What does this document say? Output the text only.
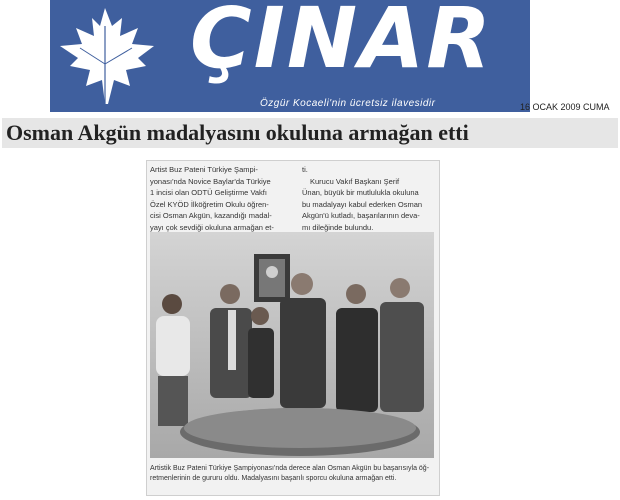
ÇINAR
Özgür Kocaeli'nin ücretsiz ilavesidir	16 OCAK 2009 CUMA
Osman Akgün madalyasını okuluna armağan etti

Artist Buz Pateni Türkiye Şampi-

yonası'nda Novice Baylar'da Türkiye

1 incisi olan ODTÜ Geliştirme Vakfı

Özel KYÖD İlköğretim Okulu öğren-

cisi Osman Akgün, kazandığı madal-

yayı çok sevdiği okuluna armağan et-

ti.

Kurucu Vakıf Başkanı Şerif

Ünan, büyük bir mutlulukla okuluna

bu madalyayı kabul ederken Osman

Akgün'ü kutladı, başarılarının deva-

mı dileğinde bulundu.

Artistik Buz Pateni Türkiye Şampiyonası'nda derece alan Osman Akgün bu başarısıyla öğ-

retmenlerinin de gururu oldu. Madalyasını başarılı sporcu okuluna armağan etti.
